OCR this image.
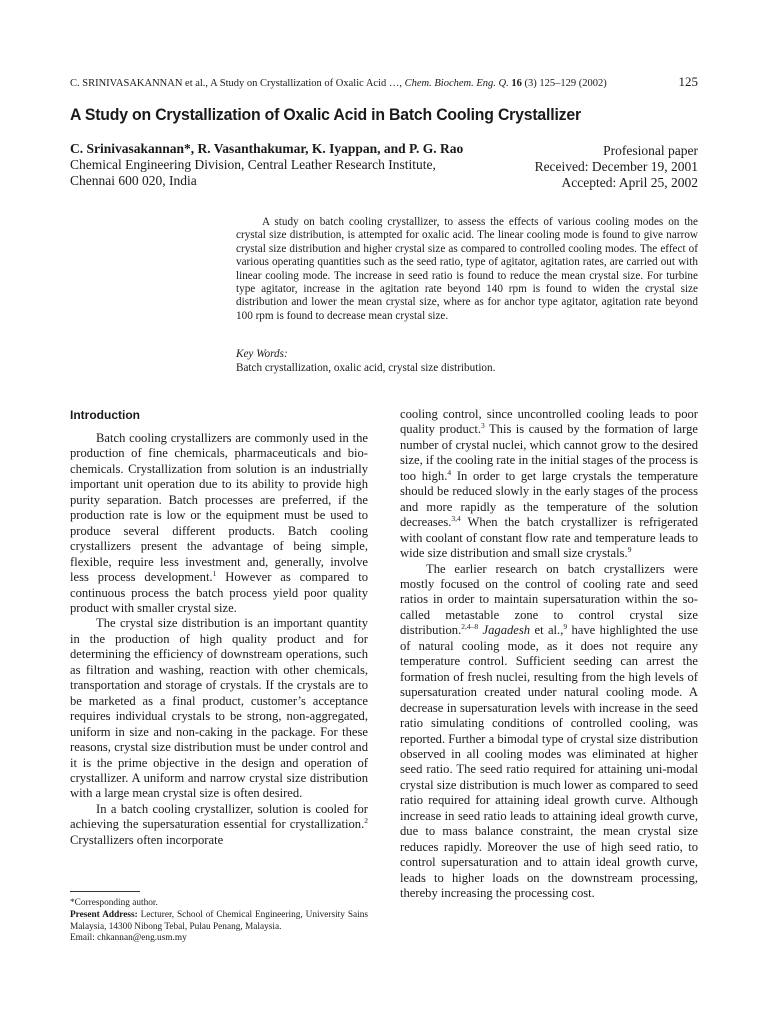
C. SRINIVASAKANNAN et al., A Study on Crystallization of Oxalic Acid …, Chem. Biochem. Eng. Q. 16 (3) 125–129 (2002)	125
A Study on Crystallization of Oxalic Acid in Batch Cooling Crystallizer
C. Srinivasakannan*, R. Vasanthakumar, K. Iyappan, and P. G. Rao
Chemical Engineering Division, Central Leather Research Institute,
Chennai 600 020, India
Profesional paper
Received: December 19, 2001
Accepted: April 25, 2002

A study on batch cooling crystallizer, to assess the effects of various cooling modes on the crystal size distribution, is attempted for oxalic acid. The linear cooling mode is found to give narrow crystal size distribution and higher crystal size as compared to controlled cooling modes. The effect of various operating quantities such as the seed ratio, type of agitator, agitation rates, are carried out with linear cooling mode. The increase in seed ratio is found to reduce the mean crystal size. For turbine type agitator, increase in the agitation rate beyond 140 rpm is found to widen the crystal size distribution and lower the mean crystal size, where as for anchor type agitator, agitation rate beyond 100 rpm is found to decrease mean crystal size.

Key Words:
Batch crystallization, oxalic acid, crystal size distribution.
Introduction

Batch cooling crystallizers are commonly used in the production of fine chemicals, pharmaceuticals and bio-chemicals. Crystallization from solution is an industrially important unit operation due to its ability to provide high purity separation. Batch processes are preferred, if the production rate is low or the equipment must be used to produce several different products. Batch cooling crystallizers present the advantage of being simple, flexible, require less investment and, generally, involve less process development.$^1$ However as compared to continuous process the batch process yield poor quality product with smaller crystal size.

The crystal size distribution is an important quantity in the production of high quality product and for determining the efficiency of downstream operations, such as filtration and washing, reaction with other chemicals, transportation and storage of crystals. If the crystals are to be marketed as a final product, customer’s acceptance requires individual crystals to be strong, non-aggregated, uniform in size and non-caking in the package. For these reasons, crystal size distribution must be under control and it is the prime objective in the design and operation of crystallizer. A uniform and narrow crystal size distribution with a large mean crystal size is often desired.

In a batch cooling crystallizer, solution is cooled for achieving the supersaturation essential for crystallization.$^2$ Crystallizers often incorporate

cooling control, since uncontrolled cooling leads to poor quality product.$^3$ This is caused by the formation of large number of crystal nuclei, which cannot grow to the desired size, if the cooling rate in the initial stages of the process is too high.$^4$ In order to get large crystals the temperature should be reduced slowly in the early stages of the process and more rapidly as the temperature of the solution decreases.$^{3,4}$ When the batch crystallizer is refrigerated with coolant of constant flow rate and temperature leads to wide size distribution and small size crystals.$^9$

The earlier research on batch crystallizers were mostly focused on the control of cooling rate and seed ratios in order to maintain supersaturation within the so-called metastable zone to control crystal size distribution.$^{2,4-8}$ Jagadesh et al.,$^9$ have highlighted the use of natural cooling mode, as it does not require any temperature control. Sufficient seeding can arrest the formation of fresh nuclei, resulting from the high levels of supersaturation created under natural cooling mode. A decrease in supersaturation levels with increase in the seed ratio simulating conditions of controlled cooling, was reported. Further a bimodal type of crystal size distribution observed in all cooling modes was eliminated at higher seed ratio. The seed ratio required for attaining uni-modal crystal size distribution is much lower as compared to seed ratio required for attaining ideal growth curve. Although increase in seed ratio leads to attaining ideal growth curve, due to mass balance constraint, the mean crystal size reduces rapidly. Moreover the use of high seed ratio, to control supersaturation and to attain ideal growth curve, leads to higher loads on the downstream processing, thereby increasing the processing cost.

*Corresponding author.

Present Address: Lecturer, School of Chemical Engineering, University Sains Malaysia, 14300 Nibong Tebal, Pulau Penang, Malaysia.

Email: chkannan@eng.usm.my
